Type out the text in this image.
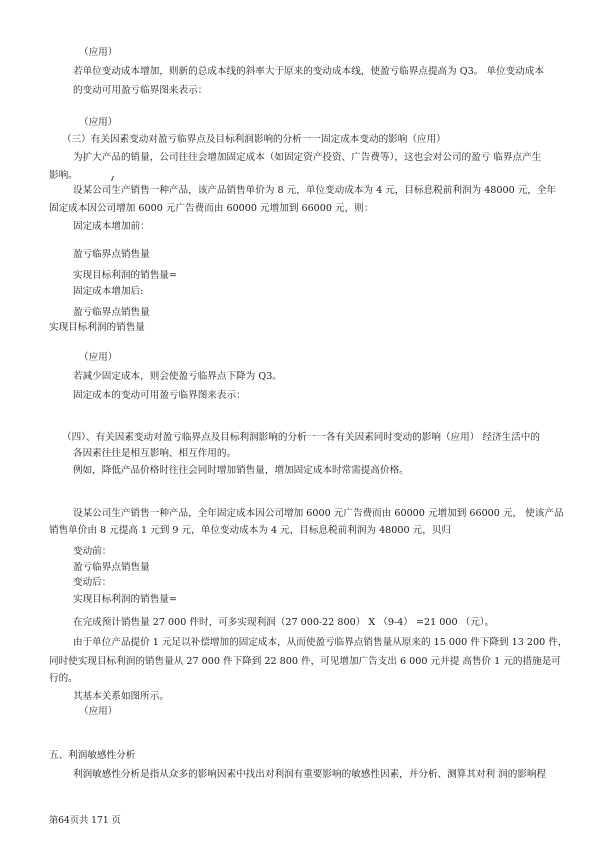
（应用）
若单位变动成本增加，则新的总成本线的斜率大于原来的变动成本线，使盈亏临界点提高为 Q3。 单位变动成本
的变动可用盈亏临界图来表示：
（应用）
（三）有关因素变动对盈亏临界点及目标利润影响的分析一一固定成本变动的影响（应用）
为扩大产品的销量，公司往往会增加固定成本（如固定资产投资、广告费等），这也会对公司的盈亏 临界点产生
影响。
设某公司生产销售一种产品，该产品销售单价为 8 元，单位变动成本为 4 元，目标息税前利润为 48000 元，全年
固定成本因公司增加 6000 元广告费而由 60000 元增加到 66000 元，则：
固定成本增加前：
盈亏临界点销售量
实现目标利润的销售量=
固定成本增加后:
盈亏临界点销售量
实现目标利润的销售量
（应用）
若减少固定成本，则会使盈亏临界点下降为 Q3。
固定成本的变动可用盈亏临界图来表示：
（四）、有关因素变动对盈亏临界点及目标利润影响的分析一一各有关因素同时变动的影响（应用） 经济生活中的
各因素往往是相互影响、相互作用的。
例如，降低产品价格时往往会同时增加销售量，增加固定成本时常需提高价格。
设某公司生产销售一种产品，全年固定成本因公司增加 6000 元广告费而由 60000 元增加到 66000 元， 使该产品
销售单价由 8 元提高 1 元到 9 元，单位变动成本为 4 元，目标息税前利润为 48000 元，贝归
变动前：
盈亏临界点销售量
变动后：
实现目标利润的销售量=
在完成预计销售量 27 000 件时，可多实现利润（27 000-22 800） X （9-4） =21 000 （元）。
由于单位产品提价 1 元足以补偿增加的固定成本，从而使盈亏临界点销售量从原来的 15 000 件下降到 13 200 件，
同时使实现目标利润的销售量从 27 000 件下降到 22 800 件，可见增加广告支出 6 000 元并提 高售价 1 元的措施是可
行的。
其基本关系如图所示。
（应用）
五、利润敏感性分析
利润敏感性分析是指从众多的影响因素中找出对利润有重要影响的敏感性因素，并分析、测算其对利 润的影响程
第64页共 171 页
